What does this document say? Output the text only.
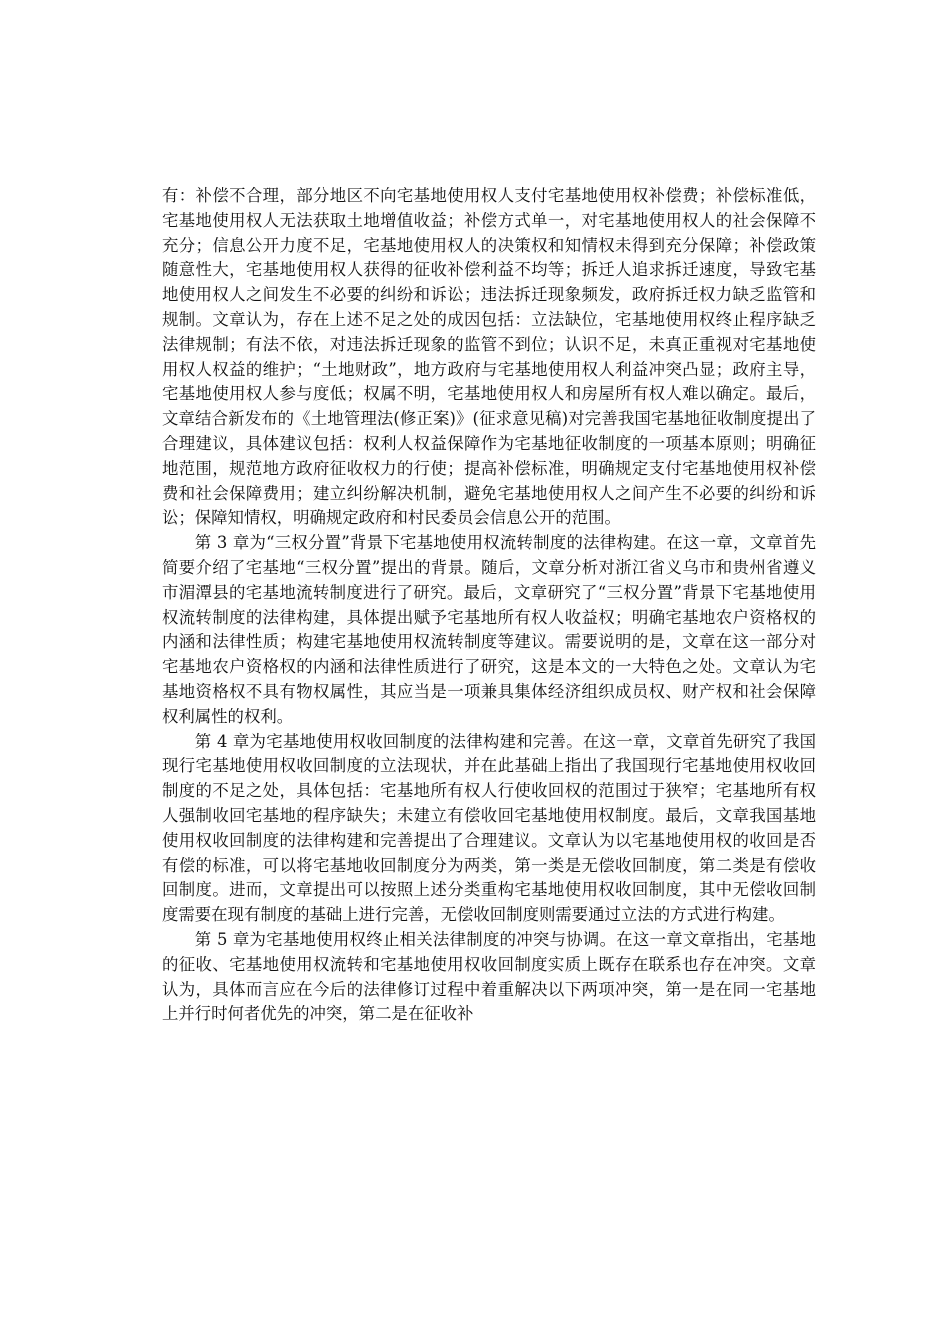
有：补偿不合理，部分地区不向宅基地使用权人支付宅基地使用权补偿费；补偿标准低，宅基地使用权人无法获取土地增值收益；补偿方式单一，对宅基地使用权人的社会保障不充分；信息公开力度不足，宅基地使用权人的决策权和知情权未得到充分保障；补偿政策随意性大，宅基地使用权人获得的征收补偿利益不均等；拆迁人追求拆迁速度，导致宅基地使用权人之间发生不必要的纠纷和诉讼；违法拆迁现象频发，政府拆迁权力缺乏监管和规制。文章认为，存在上述不足之处的成因包括：立法缺位，宅基地使用权终止程序缺乏法律规制；有法不依，对违法拆迁现象的监管不到位；认识不足，未真正重视对宅基地使用权人权益的维护；“土地财政”，地方政府与宅基地使用权人利益冲突凸显；政府主导，宅基地使用权人参与度低；权属不明，宅基地使用权人和房屋所有权人难以确定。最后，文章结合新发布的《土地管理法(修正案)》(征求意见稿)对完善我国宅基地征收制度提出了合理建议，具体建议包括：权利人权益保障作为宅基地征收制度的一项基本原则；明确征地范围，规范地方政府征收权力的行使；提高补偿标准，明确规定支付宅基地使用权补偿费和社会保障费用；建立纠纷解决机制，避免宅基地使用权人之间产生不必要的纠纷和诉讼；保障知情权，明确规定政府和村民委员会信息公开的范围。

第 3 章为“三权分置”背景下宅基地使用权流转制度的法律构建。在这一章，文章首先简要介绍了宅基地“三权分置”提出的背景。随后，文章分析对浙江省义乌市和贵州省遵义市湄潭县的宅基地流转制度进行了研究。最后，文章研究了“三权分置”背景下宅基地使用权流转制度的法律构建，具体提出赋予宅基地所有权人收益权；明确宅基地农户资格权的内涵和法律性质；构建宅基地使用权流转制度等建议。需要说明的是，文章在这一部分对宅基地农户资格权的内涵和法律性质进行了研究，这是本文的一大特色之处。文章认为宅基地资格权不具有物权属性，其应当是一项兼具集体经济组织成员权、财产权和社会保障权利属性的权利。

第 4 章为宅基地使用权收回制度的法律构建和完善。在这一章，文章首先研究了我国现行宅基地使用权收回制度的立法现状，并在此基础上指出了我国现行宅基地使用权收回制度的不足之处，具体包括：宅基地所有权人行使收回权的范围过于狭窄；宅基地所有权人强制收回宅基地的程序缺失；未建立有偿收回宅基地使用权制度。最后，文章我国基地使用权收回制度的法律构建和完善提出了合理建议。文章认为以宅基地使用权的收回是否有偿的标准，可以将宅基地收回制度分为两类，第一类是无偿收回制度，第二类是有偿收回制度。进而，文章提出可以按照上述分类重构宅基地使用权收回制度，其中无偿收回制度需要在现有制度的基础上进行完善，无偿收回制度则需要通过立法的方式进行构建。

第 5 章为宅基地使用权终止相关法律制度的冲突与协调。在这一章文章指出，宅基地的征收、宅基地使用权流转和宅基地使用权收回制度实质上既存在联系也存在冲突。文章认为，具体而言应在今后的法律修订过程中着重解决以下两项冲突，第一是在同一宅基地上并行时何者优先的冲突，第二是在征收补
